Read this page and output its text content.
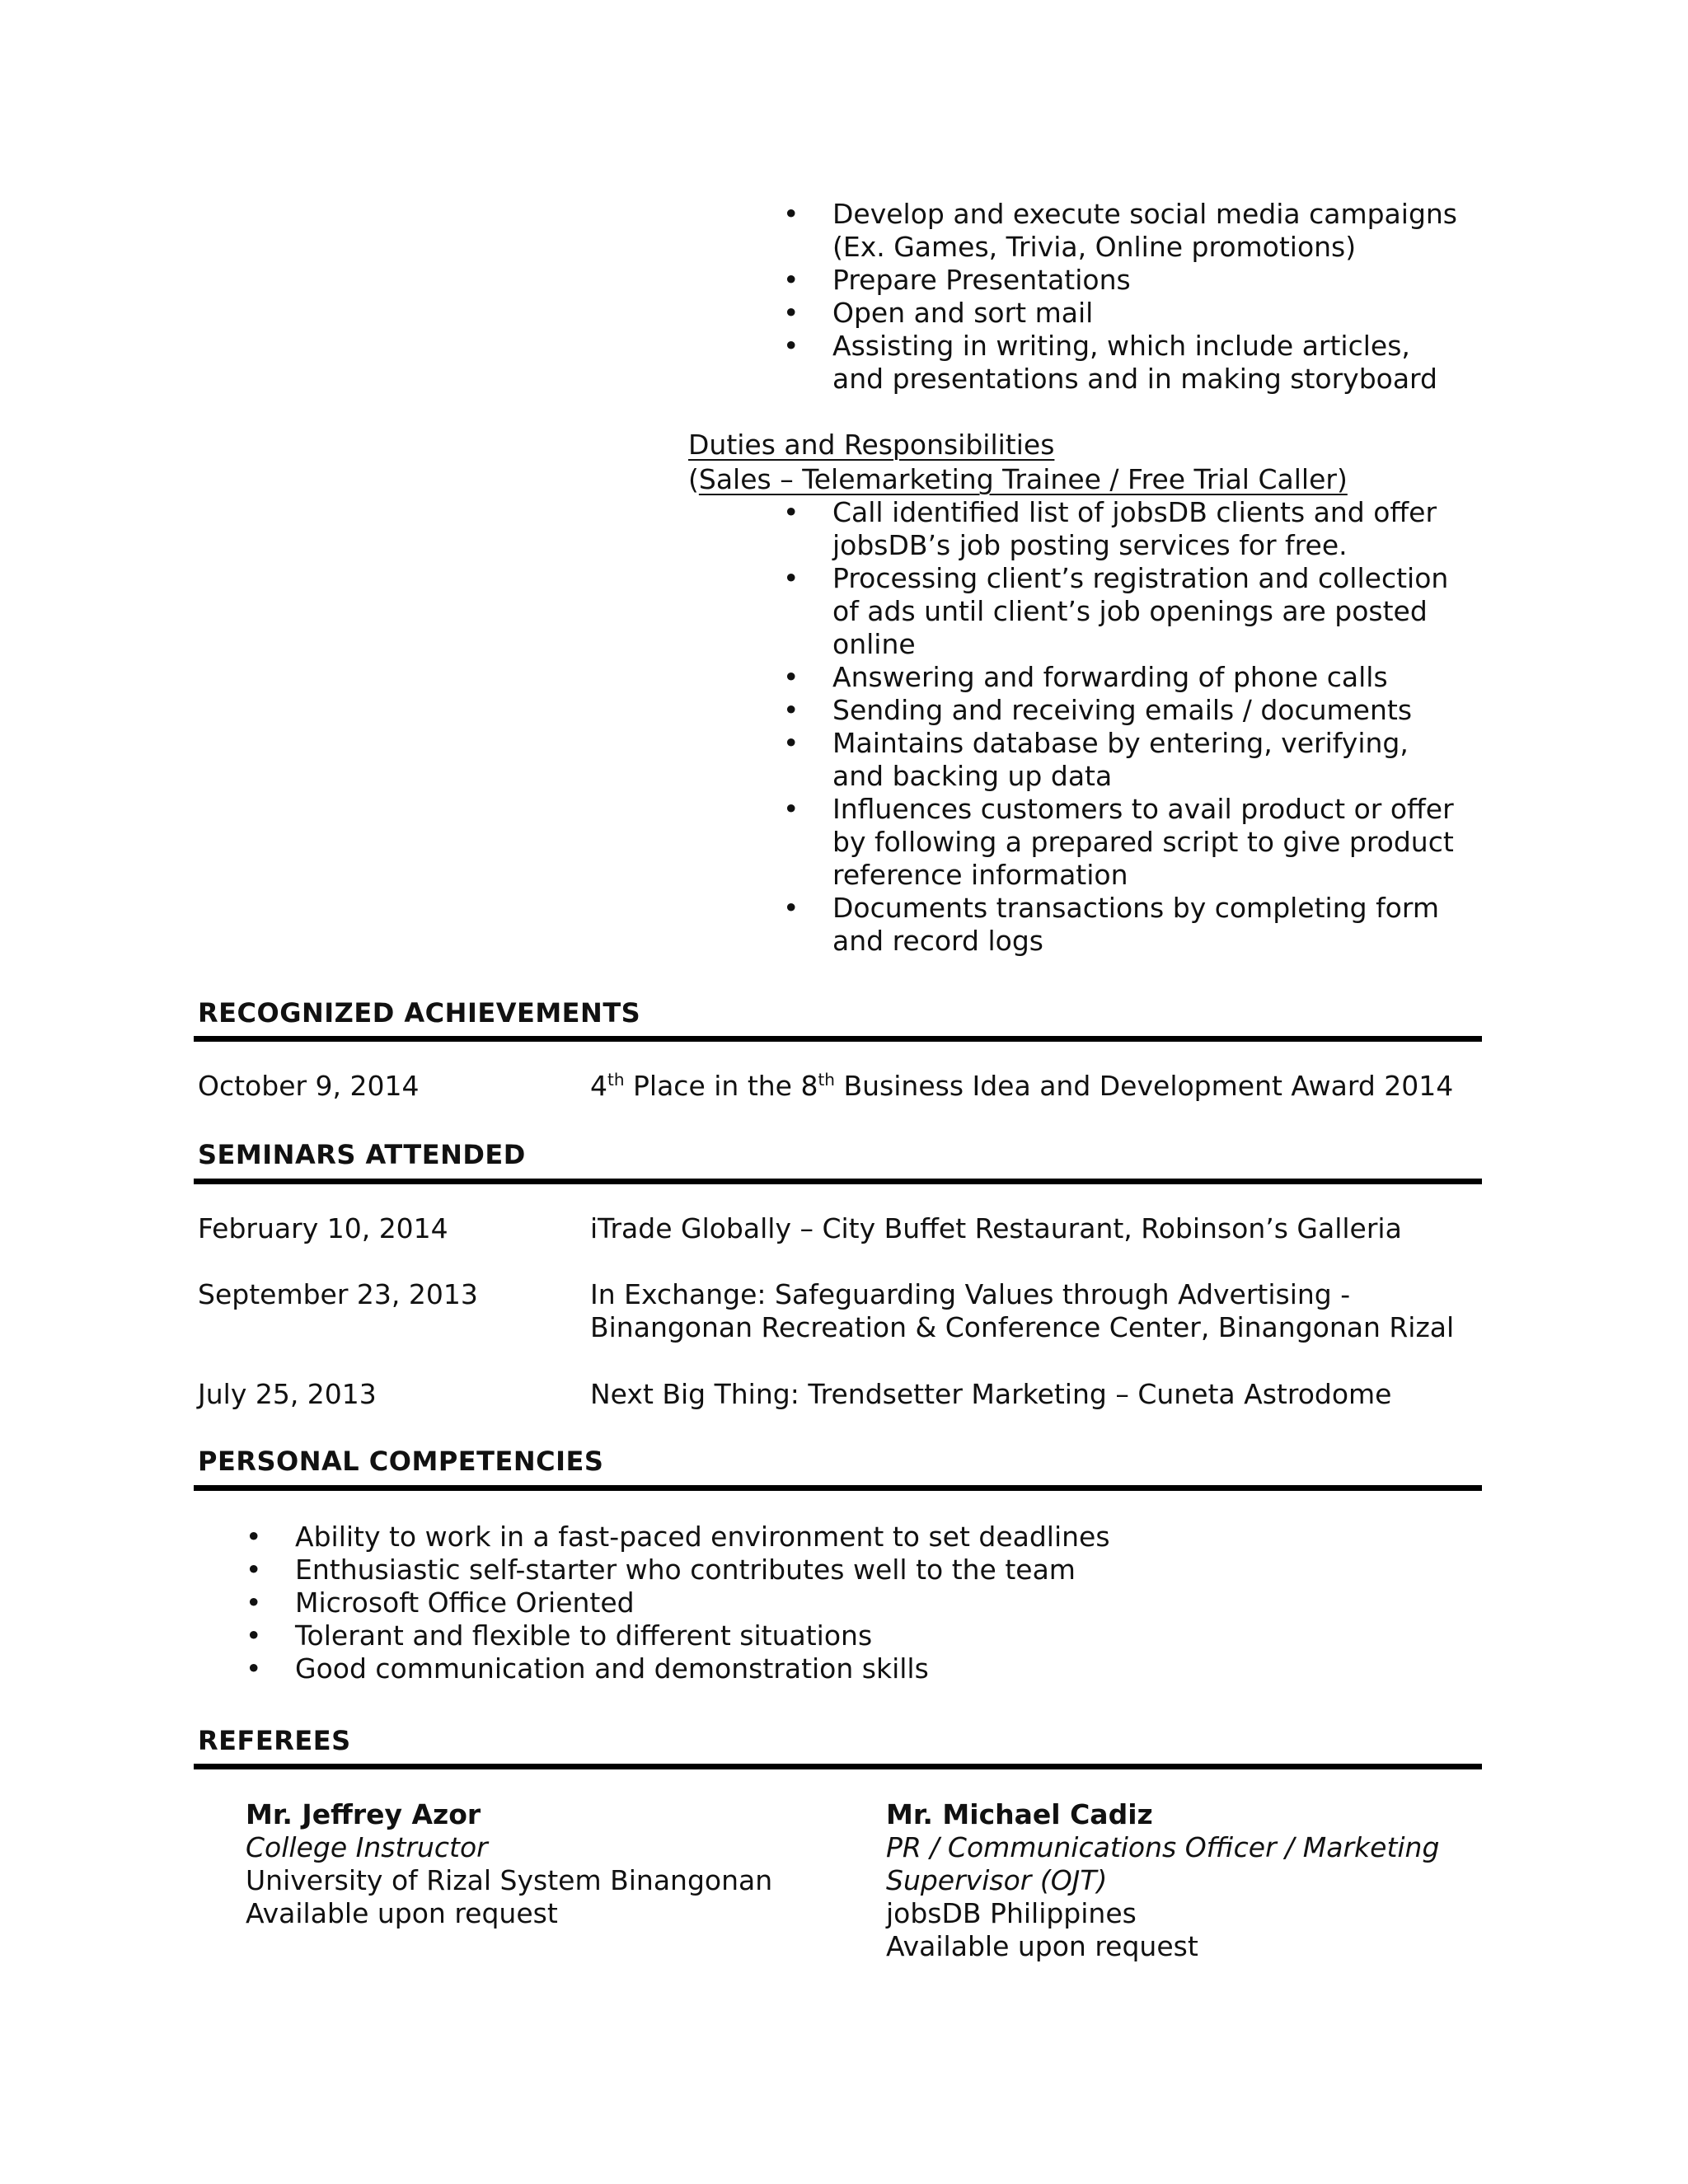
• Develop and execute social media campaigns
(Ex. Games, Trivia, Online promotions)
• Prepare Presentations
• Open and sort mail
• Assisting in writing, which include articles,
and presentations and in making storyboard
Duties and Responsibilities
(Sales – Telemarketing Trainee / Free Trial Caller)
• Call identified list of jobsDB clients and offer
jobsDB’s job posting services for free.
• Processing client’s registration and collection
of ads until client’s job openings are posted
online
• Answering and forwarding of phone calls
• Sending and receiving emails / documents
• Maintains database by entering, verifying,
and backing up data
• Influences customers to avail product or offer
by following a prepared script to give product
reference information
• Documents transactions by completing form
and record logs
RECOGNIZED ACHIEVEMENTS
October 9, 2014	4th Place in the 8th Business Idea and Development Award 2014
SEMINARS ATTENDED
February 10, 2014	iTrade Globally – City Buffet Restaurant, Robinson’s Galleria
September 23, 2013	In Exchange: Safeguarding Values through Advertising -
Binangonan Recreation & Conference Center, Binangonan Rizal
July 25, 2013	Next Big Thing: Trendsetter Marketing – Cuneta Astrodome
PERSONAL COMPETENCIES
• Ability to work in a fast-paced environment to set deadlines
• Enthusiastic self-starter who contributes well to the team
• Microsoft Office Oriented
• Tolerant and flexible to different situations
• Good communication and demonstration skills
REFEREES
Mr. Jeffrey Azor
College Instructor
University of Rizal System Binangonan
Available upon request
Mr. Michael Cadiz
PR / Communications Officer / Marketing
Supervisor (OJT)
jobsDB Philippines
Available upon request
